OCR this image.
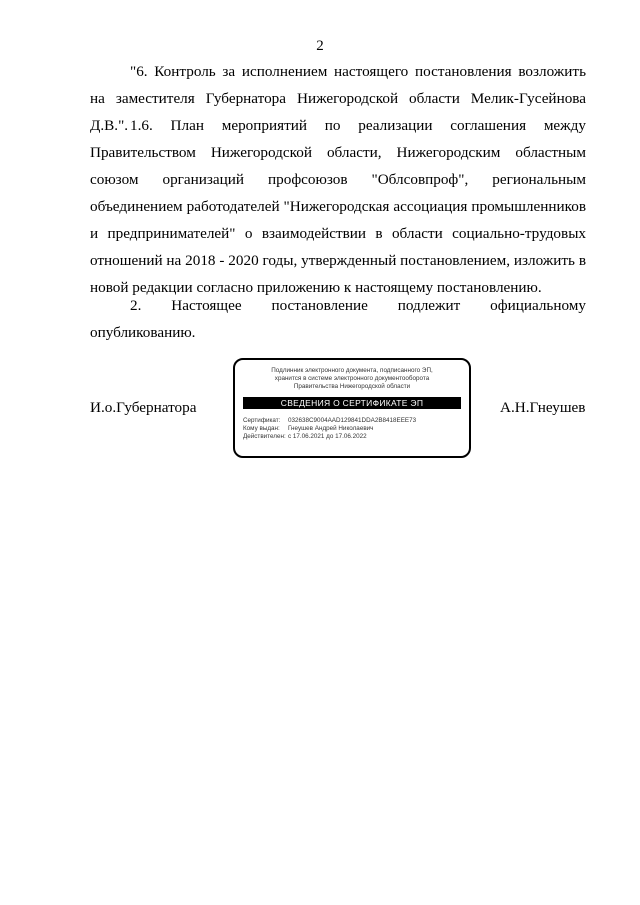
2

"6. Контроль за исполнением настоящего постановления возложить на заместителя Губернатора Нижегородской области Мелик-Гусейнова Д.В.". 1.6. План мероприятий по реализации соглашения между Правительством Нижегородской области, Нижегородским областным союзом организаций профсоюзов "Облсовпроф", региональным объединением работодателей "Нижегородская ассоциация промышленников и предпринимателей" о взаимодействии в области социально-трудовых отношений на 2018 - 2020 годы, утвержденный постановлением, изложить в новой редакции согласно приложению к настоящему постановлению.

2. Настоящее постановление подлежит официальному
опубликованию.
И.о.Губернатора	А.Н.Гнеушев
Подлинник электронного документа, подписанного ЭП,
хранится в системе электронного документооборота
Правительства Нижегородской области
СВЕДЕНИЯ О СЕРТИФИКАТЕ ЭП
Сертификат: 032638C9004AAD129841DDA2B8418EEE73
Кому выдан: Гнеушев Андрей Николаевич
Действителен: с 17.06.2021 до 17.06.2022
